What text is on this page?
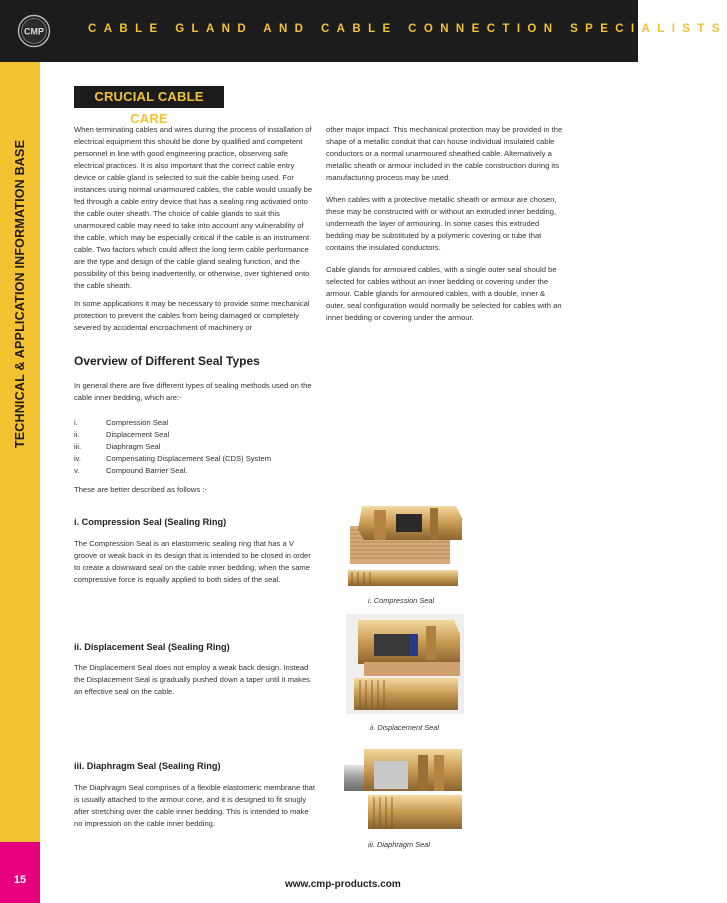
CMP	CABLE GLAND AND CABLE CONNECTION SPECIALISTS
TECHNICAL & APPLICATION INFORMATION BASE
15
CRUCIAL CABLE CARE

When terminating cables and wires during the process of installation of electrical equipment this should be done by qualified and competent personnel in line with good engineering practice, observing safe electrical practices. It is also important that the correct cable entry device or cable gland is selected to suit the cable being used. For instances using normal unarmoured cables, the cable would usually be fed through a cable entry device that has a sealing ring activated onto the cable outer sheath. The choice of cable glands to suit this unarmoured cable may need to take into account any vulnerability of the cable, which may be especially critical if the cable is an instrument cable. Two factors which could affect the long term cable performance are the type and design of the cable gland sealing function, and the possibility of this being inadvertently, or otherwise, over tightened onto the cable sheath.

In some applications it may be necessary to provide some mechanical protection to prevent the cables from being damaged or completely severed by accidental encroachment of machinery or

other major impact. This mechanical protection may be provided in the shape of a metallic conduit that can house individual insulated cable conductors or a normal unarmoured sheathed cable. Alternatively a metallic sheath or armour included in the cable construction during its manufacturing process may be used.

When cables with a protective metallic sheath or armour are chosen, these may be constructed with or without an extruded inner bedding, underneath the layer of armouring. In some cases this extruded bedding may be substituted by a polymeric covering or tube that contains the insulated conductors.

Cable glands for armoured cables, with a single outer seal should be selected for cables without an inner bedding or covering under the armour. Cable glands for armoured cables, with a double, inner & outer, seal configuration would normally be selected for cables with an inner bedding or covering under the armour.

Overview of Different Seal Types

In general there are five different types of sealing methods used on the cable inner bedding, which are:-

i.	Compression Seal
ii.	Displacement Seal
iii.	Diaphragm Seal
iv.	Compensating Displacement Seal (CDS) System
v.	Compound Barrier Seal.

These are better described as follows :-

i. Compression Seal (Sealing Ring)

The Compression Seal is an elastomeric sealing ring that has a V groove or weak back in its design that is intended to be closed in order to create a downward seal on the cable inner bedding, when the same compressive force is equally applied to both sides of the seal.

i. Compression Seal
ii. Displacement Seal (Sealing Ring)

The Displacement Seal does not employ a weak back design. Instead the Displacement Seal is gradually pushed down a taper until it makes an effective seal on the cable.

ii. Displacement Seal
iii. Diaphragm Seal (Sealing Ring)

The Diaphragm Seal comprises of a flexible elastomeric membrane that is usually attached to the armour cone, and it is designed to fit snugly after stretching over the cable inner bedding. This is intended to make no impression on the cable inner bedding.

iii. Diaphragm Seal
www.cmp-products.com
